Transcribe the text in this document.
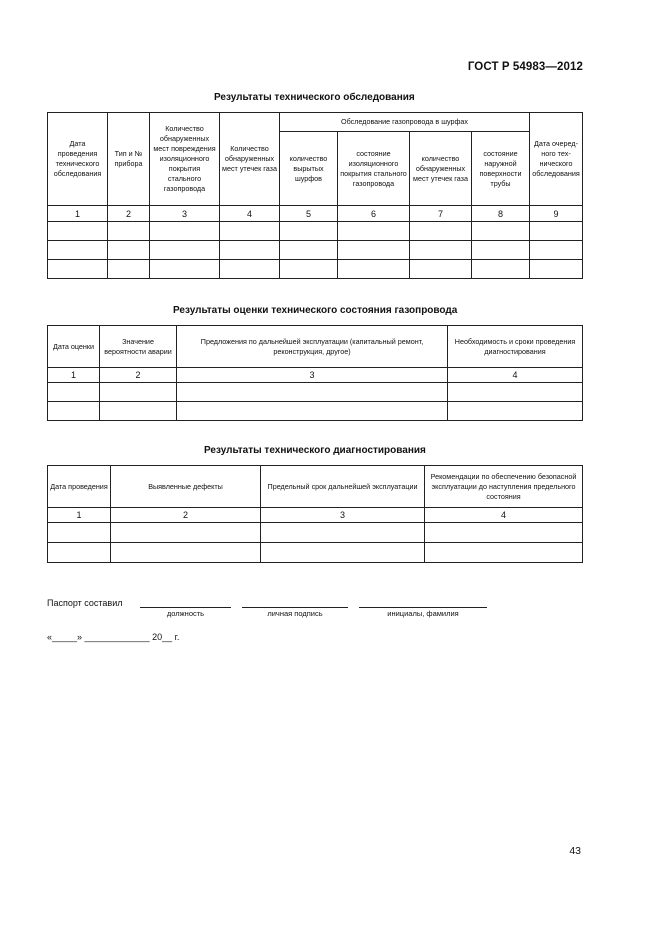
ГОСТ Р 54983—2012
Результаты технического обследования
Дата проведения технического обследования	Тип и № прибора	Количество обнаруженных мест повреждения изоляционного покрытия стального газопровода	Количество обнаруженных мест утечек газа	Обследование газопровода в шурфах				Дата очередного технического обследования
				количество вырытых шурфов	состояние изоляционного покрытия стального газопровода	количество обнаруженных мест утечек газа	состояние наружной поверхности трубы	
1	2	3	4	5	6	7	8	9

Результаты оценки технического состояния газопровода
Дата оценки	Значение вероятности аварии	Предложения по дальнейшей эксплуатации (капитальный ремонт, реконструкция, другое)	Необходимость и сроки проведения диагностирования
1	2	3	4

Результаты технического диагностирования
Дата проведения	Выявленные дефекты	Предельный срок дальнейшей эксплуатации	Рекомендации по обеспечению безопасной эксплуатации до наступления предельного состояния
1	2	3	4

Паспорт составил
должность	личная подпись	инициалы, фамилия
«_____» _____________ 20__ г.
43
